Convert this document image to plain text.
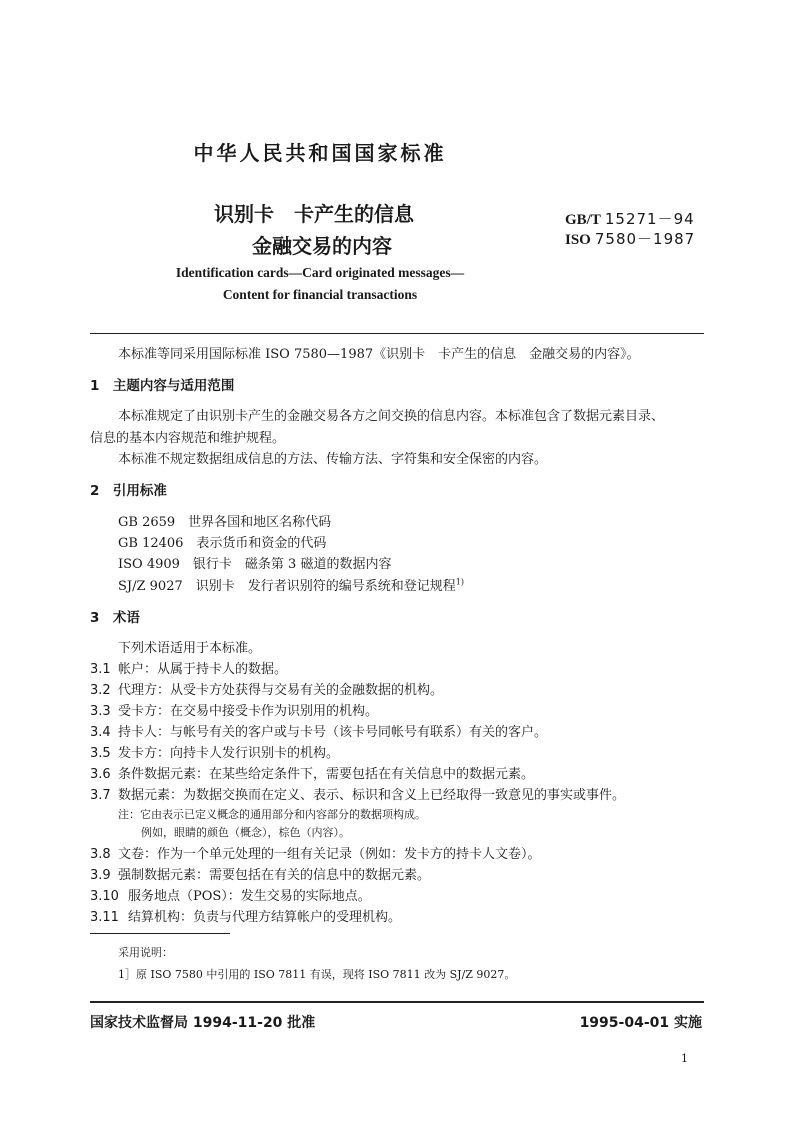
中华人民共和国国家标准
识别卡　卡产生的信息
金融交易的内容
GB/T 15271－94
ISO 7580－1987
Identification cards—Card originated messages—
Content for financial transactions
本标准等同采用国际标准 ISO 7580—1987《识别卡　卡产生的信息　金融交易的内容》。
1　主题内容与适用范围
本标准规定了由识别卡产生的金融交易各方之间交换的信息内容。本标准包含了数据元素目录、
信息的基本内容规范和维护规程。
本标准不规定数据组成信息的方法、传输方法、字符集和安全保密的内容。
2　引用标准
GB 2659　世界各国和地区名称代码
GB 12406　表示货币和资金的代码
ISO 4909　银行卡　磁条第 3 磁道的数据内容
SJ/Z 9027　识别卡　发行者识别符的编号系统和登记规程$^{1)}$
3　术语
下列术语适用于本标准。
3.1 帐户：从属于持卡人的数据。
3.2 代理方：从受卡方处获得与交易有关的金融数据的机构。
3.3 受卡方：在交易中接受卡作为识别用的机构。
3.4 持卡人：与帐号有关的客户或与卡号（该卡号同帐号有联系）有关的客户。
3.5 发卡方：向持卡人发行识别卡的机构。
3.6 条件数据元素：在某些给定条件下，需要包括在有关信息中的数据元素。
3.7 数据元素：为数据交换而在定义、表示、标识和含义上已经取得一致意见的事实或事件。
注：它由表示已定义概念的通用部分和内容部分的数据项构成。
例如，眼睛的颜色（概念），棕色（内容）。
3.8 文卷：作为一个单元处理的一组有关记录（例如：发卡方的持卡人文卷）。
3.9 强制数据元素：需要包括在有关的信息中的数据元素。
3.10 服务地点（POS）：发生交易的实际地点。
3.11 结算机构：负责与代理方结算帐户的受理机构。
采用说明：
1］原 ISO 7580 中引用的 ISO 7811 有误，现将 ISO 7811 改为 SJ/Z 9027。
国家技术监督局 1994-11-20 批准	1995-04-01 实施
1
